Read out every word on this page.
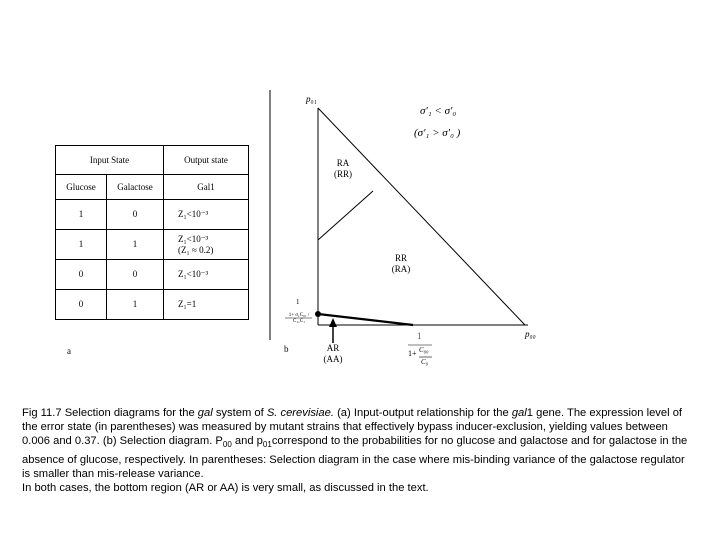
Input State		Output state
Glucose	Galactose	Gal1
1	0	Z₁<10⁻³
1	1	Z₁<10⁻³
(Z₁ ≈ 0.2)
0	0	Z₁<10⁻³
0	1	Z₁=1
a
p₀₁
p₀₀
σ′₁ < σ′₀
(σ′₁ > σ′₀ )
RA
(RR)
RR
(RA)
AR
(AA)
1
1+ σ₁C₀₁ / C₁₁C₁
1
1+ C₀₀
C₀
b
Fig 11.7 Selection diagrams for the gal system of S. cerevisiae. (a) Input-output relationship for the gal1 gene. The expression level of the error state (in parentheses) was measured by mutant strains that effectively bypass inducer-exclusion, yielding values between 0.006 and 0.37. (b) Selection diagram. $P_{00}$ and $p_{01}correspond$ to the probabilities for no glucose and galactose and for galactose in the absence of glucose, respectively. In parentheses: Selection diagram in the case where mis-binding variance of the galactose regulator is smaller than mis-release variance.
In both cases, the bottom region (AR or AA) is very small, as discussed in the text.
